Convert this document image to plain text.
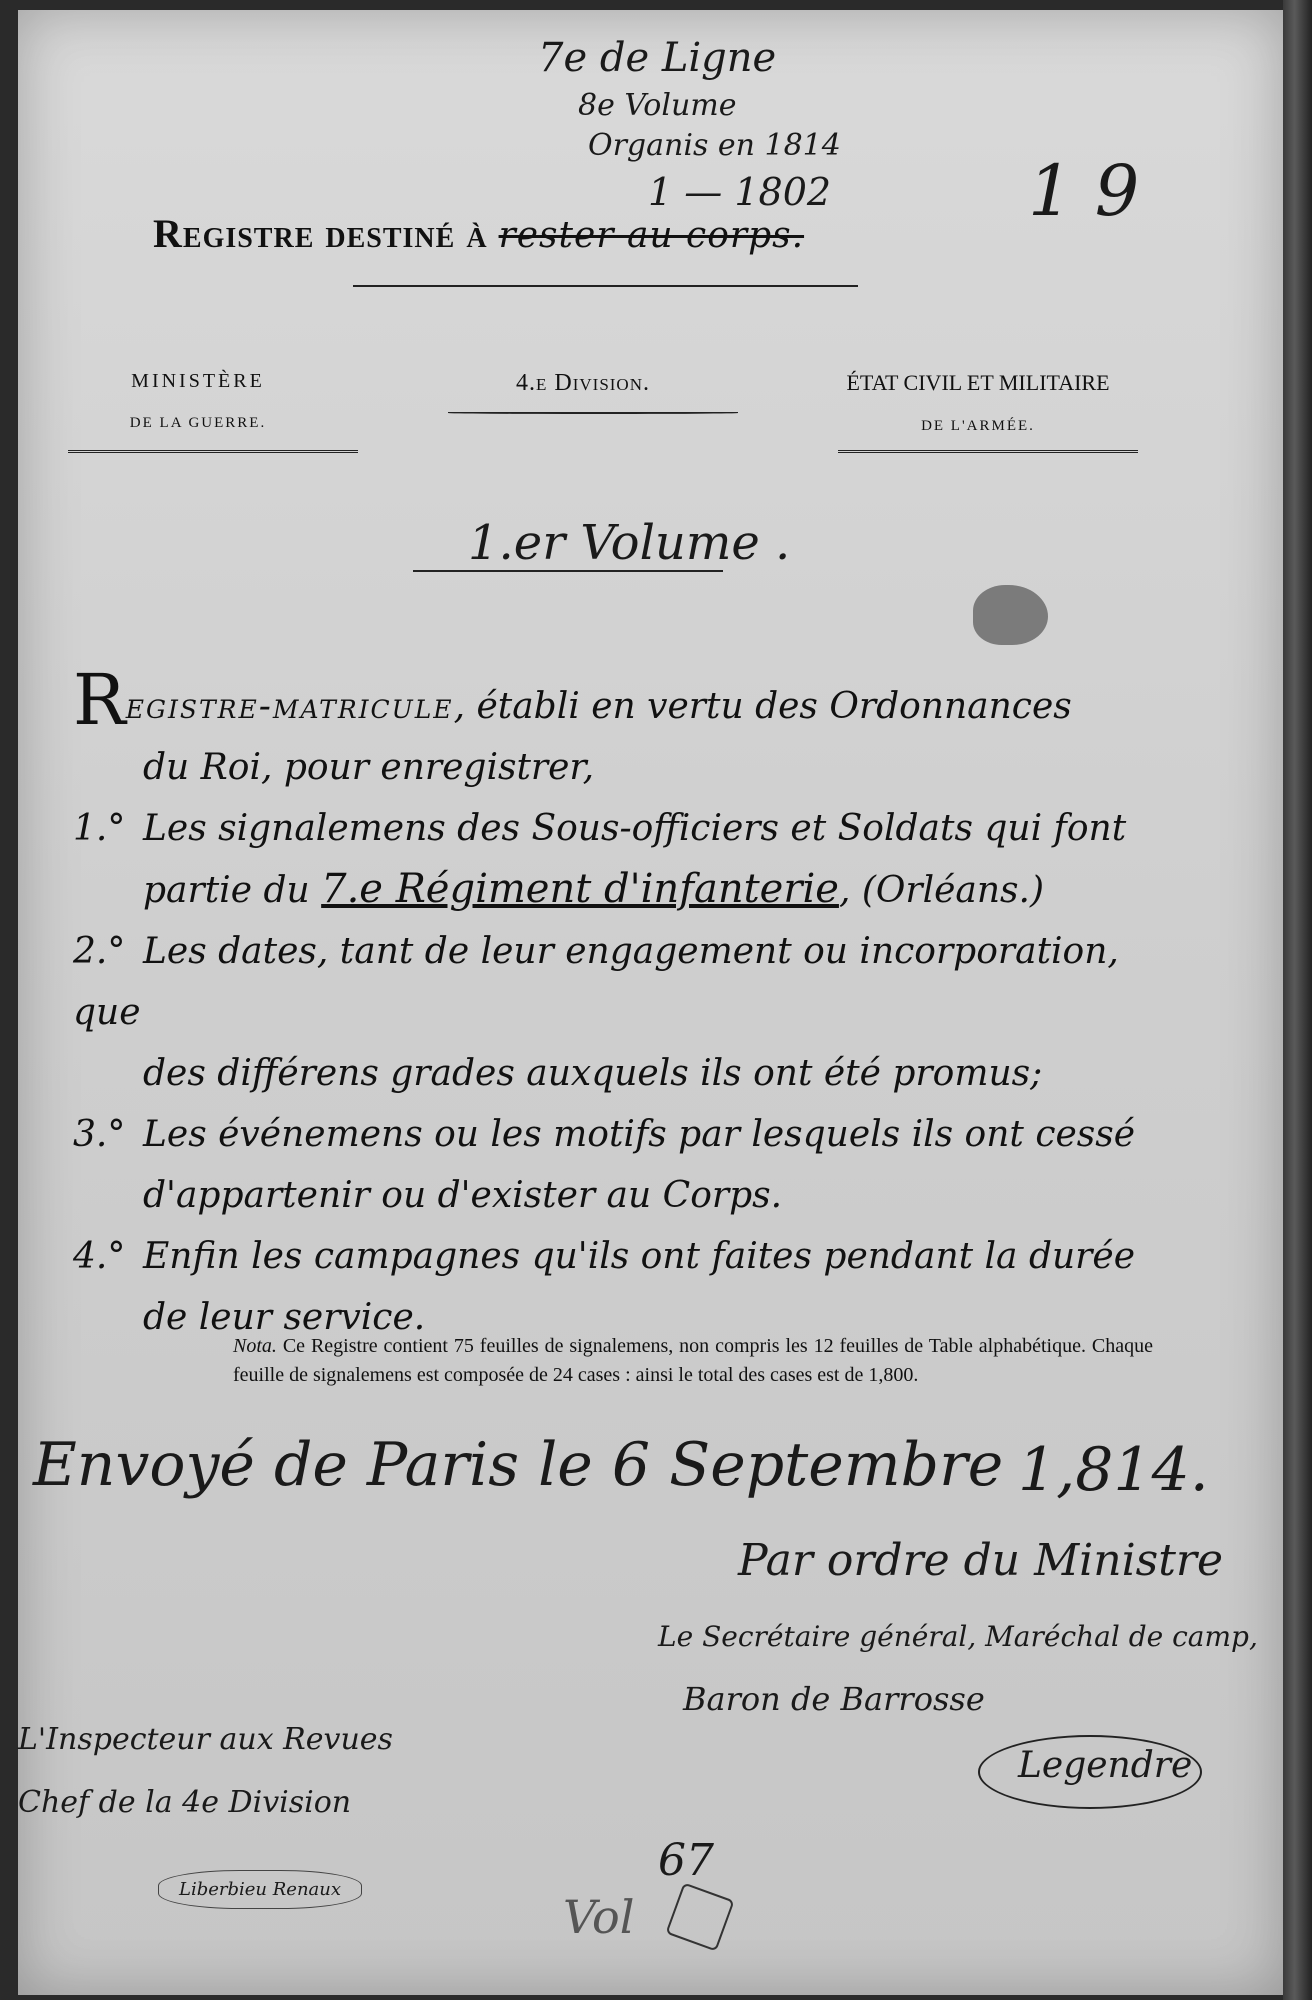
7e de Ligne
8e Volume
Organis en 1814
1 — 1802	1 9
Registre destiné à rester au corps.
MINISTÈRE
DE LA GUERRE.
4.e Division.	ÉTAT CIVIL ET MILITAIRE
DE L'ARMÉE.
1.er Volume .

Registre-matricule, établi en vertu des Ordonnances

du Roi, pour enregistrer,

1.° Les signalemens des Sous-officiers et Soldats qui font

partie du 7.e Régiment d'infanterie, (Orléans.)

2.° Les dates, tant de leur engagement ou incorporation, que

des différens grades auxquels ils ont été promus;

3.° Les événemens ou les motifs par lesquels ils ont cessé

d'appartenir ou d'exister au Corps.

4.° Enfin les campagnes qu'ils ont faites pendant la durée

de leur service.

Nota. Ce Registre contient 75 feuilles de signalemens, non compris les 12 feuilles de Table alphabétique. Chaque feuille de signalemens est composée de 24 cases : ainsi le total des cases est de 1,800.
Envoyé de Paris le 6 Septembre 1,814.
Par ordre du Ministre
Le Secrétaire général, Maréchal de camp,
Baron de Barrosse
Legendre
L'Inspecteur aux Revues
Chef de la 4e Division
Liberbieu Renaux
67
Vol
